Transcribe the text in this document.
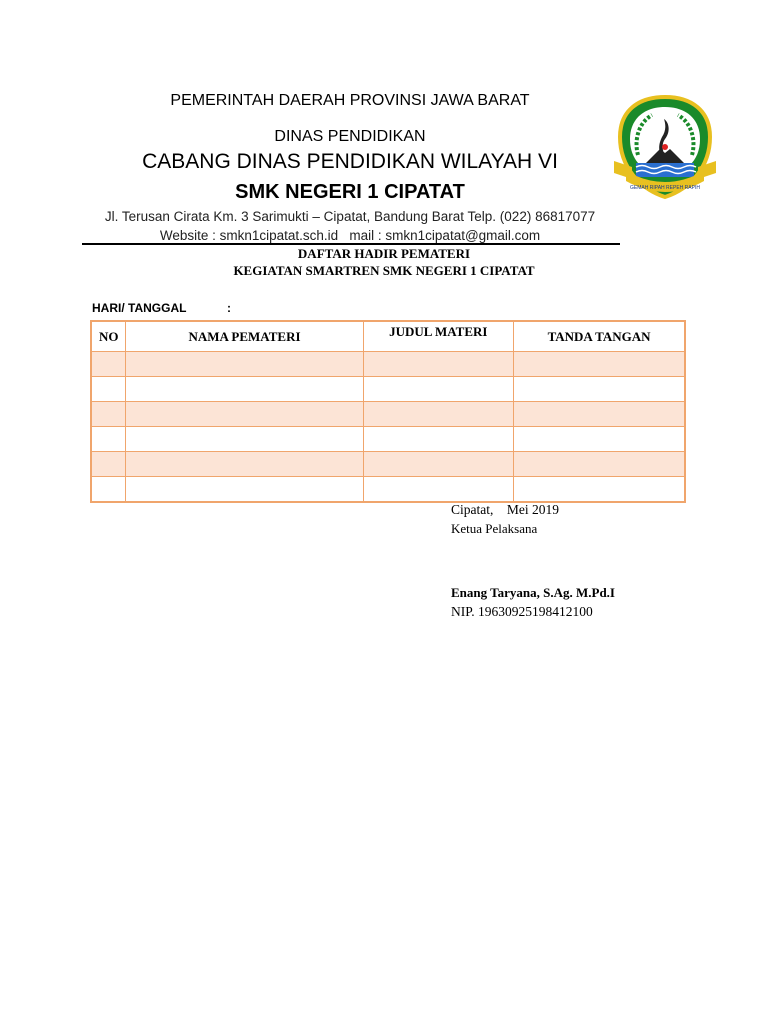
PEMERINTAH DAERAH PROVINSI JAWA BARAT
DINAS PENDIDIKAN
CABANG DINAS PENDIDIKAN WILAYAH VI
SMK NEGERI 1 CIPATAT
Jl. Terusan Cirata Km. 3 Sarimukti – Cipatat, Bandung Barat Telp. (022) 86817077
Website : smkn1cipatat.sch.id   mail : smkn1cipatat@gmail.com
GEMAH RIPAH REPEH RAPIH
DAFTAR HADIR PEMATERI
KEGIATAN SMARTREN SMK NEGERI 1 CIPATAT
HARI/ TANGGAL	:
NO	NAMA PEMATERI	JUDUL MATERI	TANDA TANGAN

Cipatat,    Mei 2019
Ketua Pelaksana
Enang Taryana, S.Ag. M.Pd.I
NIP. 19630925198412100
